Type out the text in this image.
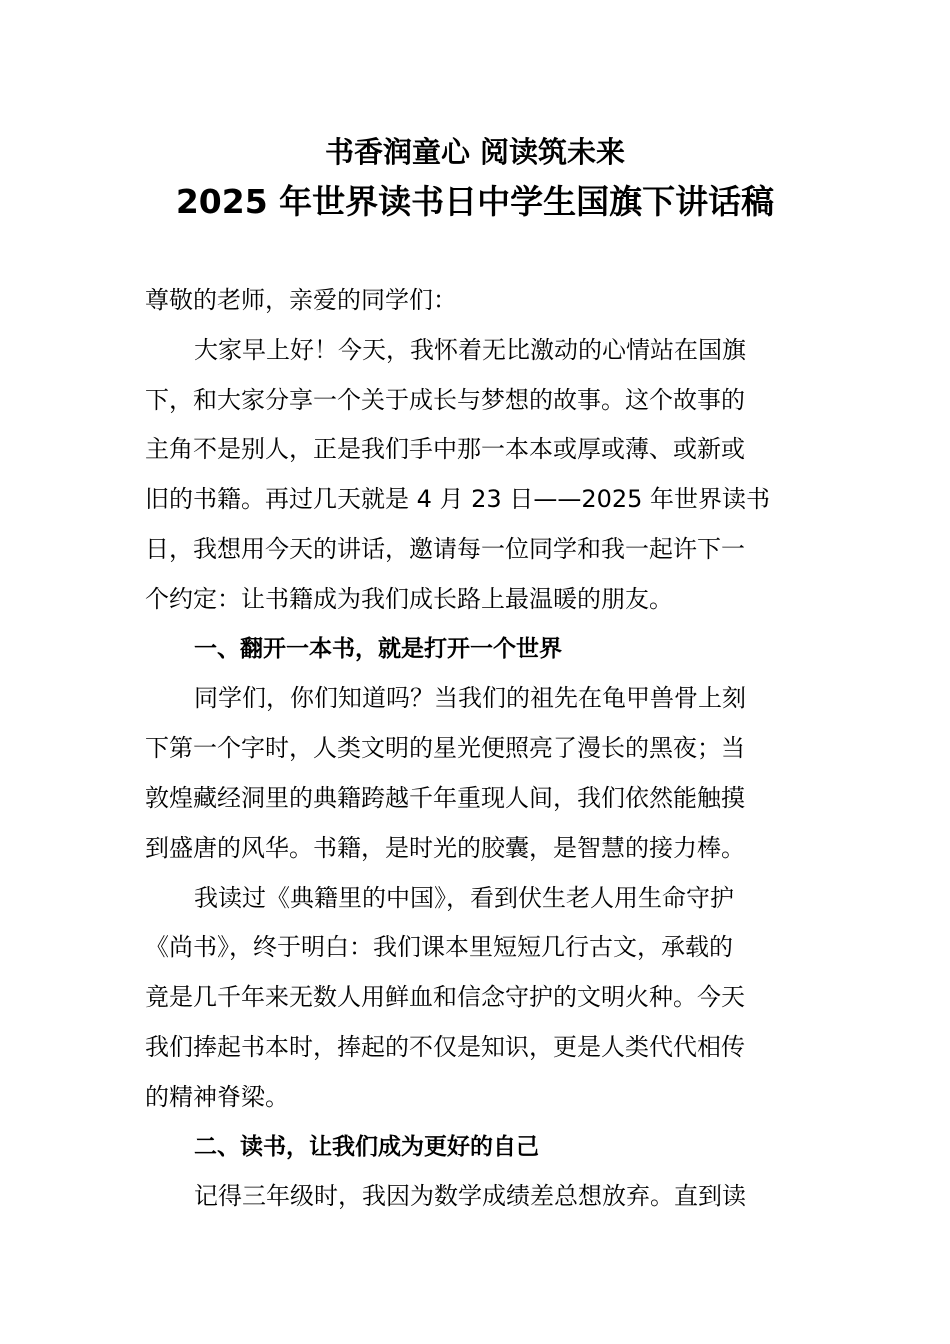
书香润童心 阅读筑未来
2025 年世界读书日中学生国旗下讲话稿
尊敬的老师，亲爱的同学们：
大家早上好！今天，我怀着无比激动的心情站在国旗
下，和大家分享一个关于成长与梦想的故事。这个故事的
主角不是别人，正是我们手中那一本本或厚或薄、或新或
旧的书籍。再过几天就是 4 月 23 日——2025 年世界读书
日，我想用今天的讲话，邀请每一位同学和我一起许下一
个约定：让书籍成为我们成长路上最温暖的朋友。
一、翻开一本书，就是打开一个世界
同学们，你们知道吗？当我们的祖先在龟甲兽骨上刻
下第一个字时，人类文明的星光便照亮了漫长的黑夜；当
敦煌藏经洞里的典籍跨越千年重现人间，我们依然能触摸
到盛唐的风华。书籍，是时光的胶囊，是智慧的接力棒。
我读过《典籍里的中国》，看到伏生老人用生命守护
《尚书》，终于明白：我们课本里短短几行古文，承载的
竟是几千年来无数人用鲜血和信念守护的文明火种。今天
我们捧起书本时，捧起的不仅是知识，更是人类代代相传
的精神脊梁。
二、读书，让我们成为更好的自己
记得三年级时，我因为数学成绩差总想放弃。直到读
